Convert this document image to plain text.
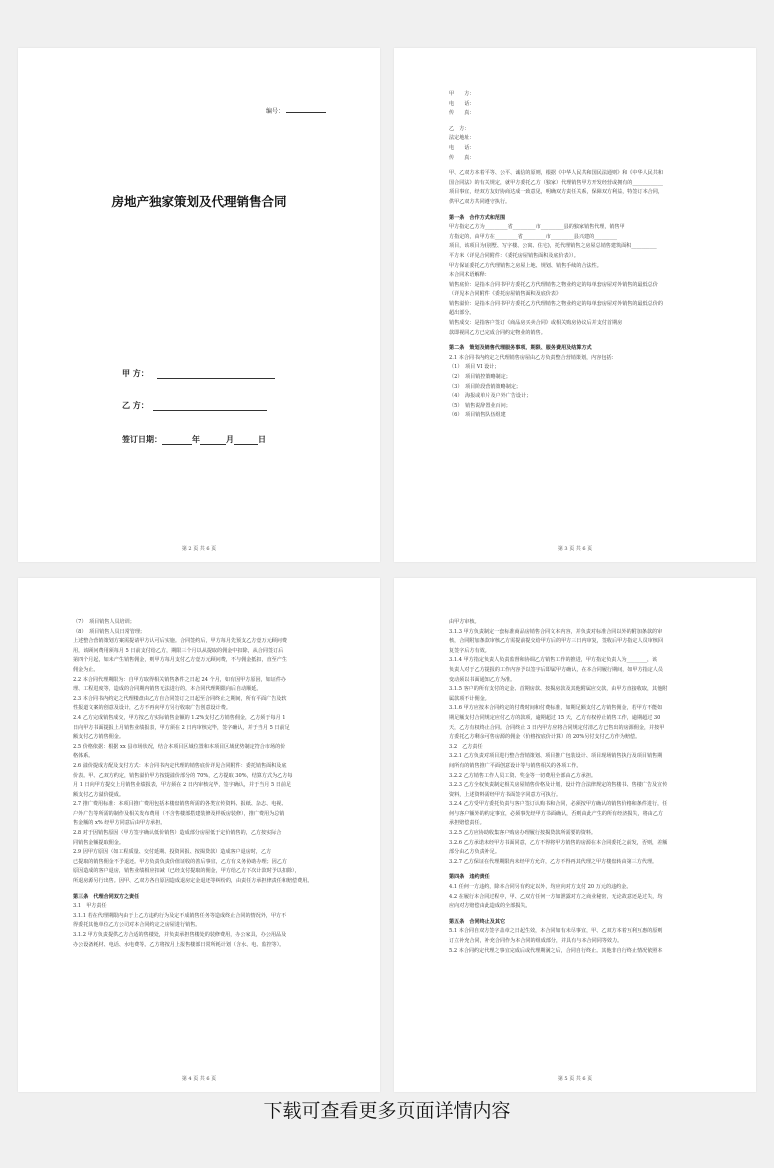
编号：
房地产独家策划及代理销售合同
甲 方：
乙 方：
签订日期：	年	月	日
第 2 页 共 6 页

甲　　方：

电　　话：

传　　真：

乙　方：

法定地址：

电　　话：

传　　真：

甲、乙双方本着平等、公平、诚信的原则，根据《中华人民共和国民法通则》和《中华人民共和

国合同法》的有关规定，就甲方委托乙方（独家）代理销售甲方开发经营或拥有的____________

项目事宜，经双方友好协商达成一致意见，明确双方责任关系，保障双方利益，特签订本合同，

供甲乙双方共同遵守执行。

第一条　合作方式和范围

甲方指定乙方为_________省_________市_________县的独家销售代理，销售甲

方指定的，由甲方在_________省_________市_________县兴建的_________

项目，该项目为(别墅、写字楼、公寓、住宅)，托代理销售之房屋总销售建筑面积__________

平方米（详见合同附件：《委托房屋销售面积及底价表》）。

甲方保证委托乙方代理销售之房屋上地、规划、销售手续的合法性。

本合同术语解释：

销售底价：是指本合同书甲方委托乙方代理销售之物业约定的每单套房屋对外销售的最低总价

（详见本合同附件《委托房屋销售面积及底价表》

销售溢价：是指本合同书甲方委托乙方代理销售之物业约定的每单套房屋对外销售的最低总价的

超出部分。

销售成交：是指客户签订《商品房买卖合同》或相关购房协议后并支付首期房

款即视同乙方已完成合同约定物业的销售。

第二条　策划及销售代理服务事项、期限、服务费用及结算方式

2.1 本合同书内约定之代理销售房屋由乙方负责整合营销策划，内容包括：

（1）　项目 VI 设计；

（2）　项目销控策略制定；

（3）　项目阶段营销策略制定；

（4）　海报或单片及户外广告设计；

（5）　销售说辞置业百问；

（6）　项目销售队伍组建

第 3 页 共 6 页

（7）　项目销售人员培训；

（8）　项目销售人员日常管理；

上述整合营销策划方案需提请甲方认可后实施。合同签约后，甲方每月先预支乙方壹万元顾问费

用，该顾问费用须每月 5 日前支付给乙方，期限三个月以从提取的佣金中扣除，从合同签订后

第四个月起，如未产生销售佣金，则甲方每月支付乙方壹万元顾问费，不与佣金抵扣，直至产生

佣金为止。

2.2 本合同代理期限为：自甲方取得相关销售条件之日起 24 个月，如有因甲方原因，如证件办

理、工程进度等，造成的合同期内销售无法进行的，本合同代理期限向后自动顺延。

2.3 本合同书内约定之代理楼盘由乙方自合同签订之日起至合同终止之期间，所有平面广告及软

性报道文案的创意及设计，乙方不再向甲方另行收取广告创意设计费。

2.4 乙方完成销售成交，甲方按乙方实际销售金额的 1.2%支付乙方销售佣金，乙方须于每月 1

日向甲方书面提报上月销售业绩报表，甲方须在 2 日内审核完毕，签字确认，并于当月 5 日前足

额支付乙方销售佣金。

2.5 价格依据：根据 xx 县市场状况，结合本项目区域位置和本项目区域优势制定符合市场的价

格体系。

2.6 溢价提成方配及支付方式：本合同书内定代理的销售底价详见合同附件：委托销售面积及底

价表。甲、乙双方约定，销售溢价甲方按提溢价部分的 70%，乙方提取 30%，结算方式为乙方每

月 1 日向甲方提交上月销售业绩报表，甲方须在 2 日内审核完毕，签字确认，并于当月 5 日前足

额支付乙方溢价提成。

2.7 推广费用标准：本项目推广费用包括本楼盘销售所需的各类宣传资料、报纸、杂志、电视、

户外广告等所需的制作及相关发布费用（不含售楼部搭建装修及样板房装修），推广费用为总销

售金额的 x% 经甲方同意后由甲方承担。

2.8 对于因销售原因（甲方签字确认低价销售）造成部分房屋低于定价销售的，乙方按实际合

同销售金额提取佣金。

2.9 因甲方原因（如工程质量、交付延期、投资回报、按揭贷款）造成客户退房时，乙方

已提取的销售佣金不予退还。甲方负责负责价值证收的善后事宜，乙方有义务协助办理；因乙方

原因造成的客户退房，销售业绩相应扣减（已经支付提取的佣金，甲方给乙方下次计款时予以扣除），

所退房源另行出售。因甲、乙双方各自原因造成退房定金退还等纠纷的，由责任方承担律责任和赔偿费用。

第三条　代理合同双方之责任

3.1　甲方责任

3.1.1 若在代理期限内由于上乙方违约行为及定不成销售任务等造成终止合同的情况外，甲方不

得委托其他单位乙方公司对本合同约定之房屋进行销售。

3.1.2 甲方负责提供乙方合适的售楼处，并负责承担售楼处的装修费用，办公家具，办公用品及

办公设备耗材、电话、水电费等。乙方将按月上报售楼部日常所耗计划（含水、电、监控等）。

第 4 页 共 6 页

由甲方审核。

3.1.3 甲方负责制定一套标准商品房销售合同文本内容，并负责对标准合同以外的附加条款的审

核，合同附加条款审核乙方需提前提交给甲方后的甲方三日内审复，签收后甲方指定人员审核回

复签字后方有效。

3.1.4 甲方指定负责人负责监督和协调乙方销售工作的推进，甲方指定负责人为________，该

负责人对于乙方提报的工作内容予以签字后即属甲方确认，在本合同履行期间，如甲方指定人员

变动须以书面通知乙方为准。

3.1.5 客户的所有支付的定金、首期房款、按揭房款及其他附属应交款，由甲方直接收取，其他附

属款项不计佣金。

3.1.6 甲方应按本合同约定的付费时间和付费标准，如期足额支付乙方销售佣金，若甲方不能如

期足额支付合同规定应付乙方的款项，逾期超过 15 天，乙方有权停止销售工作，逾期超过 30

天，乙方有权终止合同。合同终止 3 日内甲方应将合同规定付清乙方已售出的房源佣金，并按甲

方委托乙方剩余可售房源的佣金（价格按底价计算）的 20%另付支付乙方作为赔偿。

3.2　乙方责任

3.2.1 乙方负责对项目进行整合营销策划、项目推广包装设计、项目现场销售执行及项目销售期

间所有的销售推广平面创意设计等与销售相关的各项工作。

3.2.2 乙方销售工作人员工资、奖金等一切费用全部由乙方承担。

3.2.3 乙方全权负责制定相关房屋销售价格及计划，设计符合法律规定的售楼书、售楼广告及宣传

资料，上述资料需经甲方书面签字同意方可执行。

3.2.4 乙方受甲方委托负责与客户签订认购书和合同，必须按甲方确认的销售价格和条件进行，任

何与客户额外的约定事宜，必须事先经甲方书面确认，否则由此产生的所有经济损失，将由乙方

承担赔偿责任。

3.2.5 乙方应协助收集客户购房办理履行按揭贷款所需要的资料。

3.2.6 乙方承诺未经甲方书面同意，乙方不得将甲方销售的房源在本合同委托之前发，否则，差额

部分由乙方负责补足。

3.2.7 乙方保证在代理期限内未经甲方允许，乙方不得再其代理之甲方楼盘转由第三方代理。

第四条　违约责任

4.1 任何一方违约，除本合同另有约定以外，均应向对方支付 20 万元的违约金。

4.2 在履行本合同过程中，甲、乙双方任何一方如泄露对方之商业秘密，无论故意还是过失，均

应向对方赔偿由此造成的全部损失。

第五条　合同终止及其它

5.1 本合同自双方签字盖章之日起生效，本合同如有未尽事宜，甲、乙双方本着互利互惠的原则

订立补充合同，补充合同作为本合同的组成部分，并具有与本合同同等效力。

5.2 本合同约定代理之事宜完成后或代理期满之后，合同自行终止。其他非自行终止情况依照本

第 5 页 共 6 页
下载可查看更多页面详情内容
